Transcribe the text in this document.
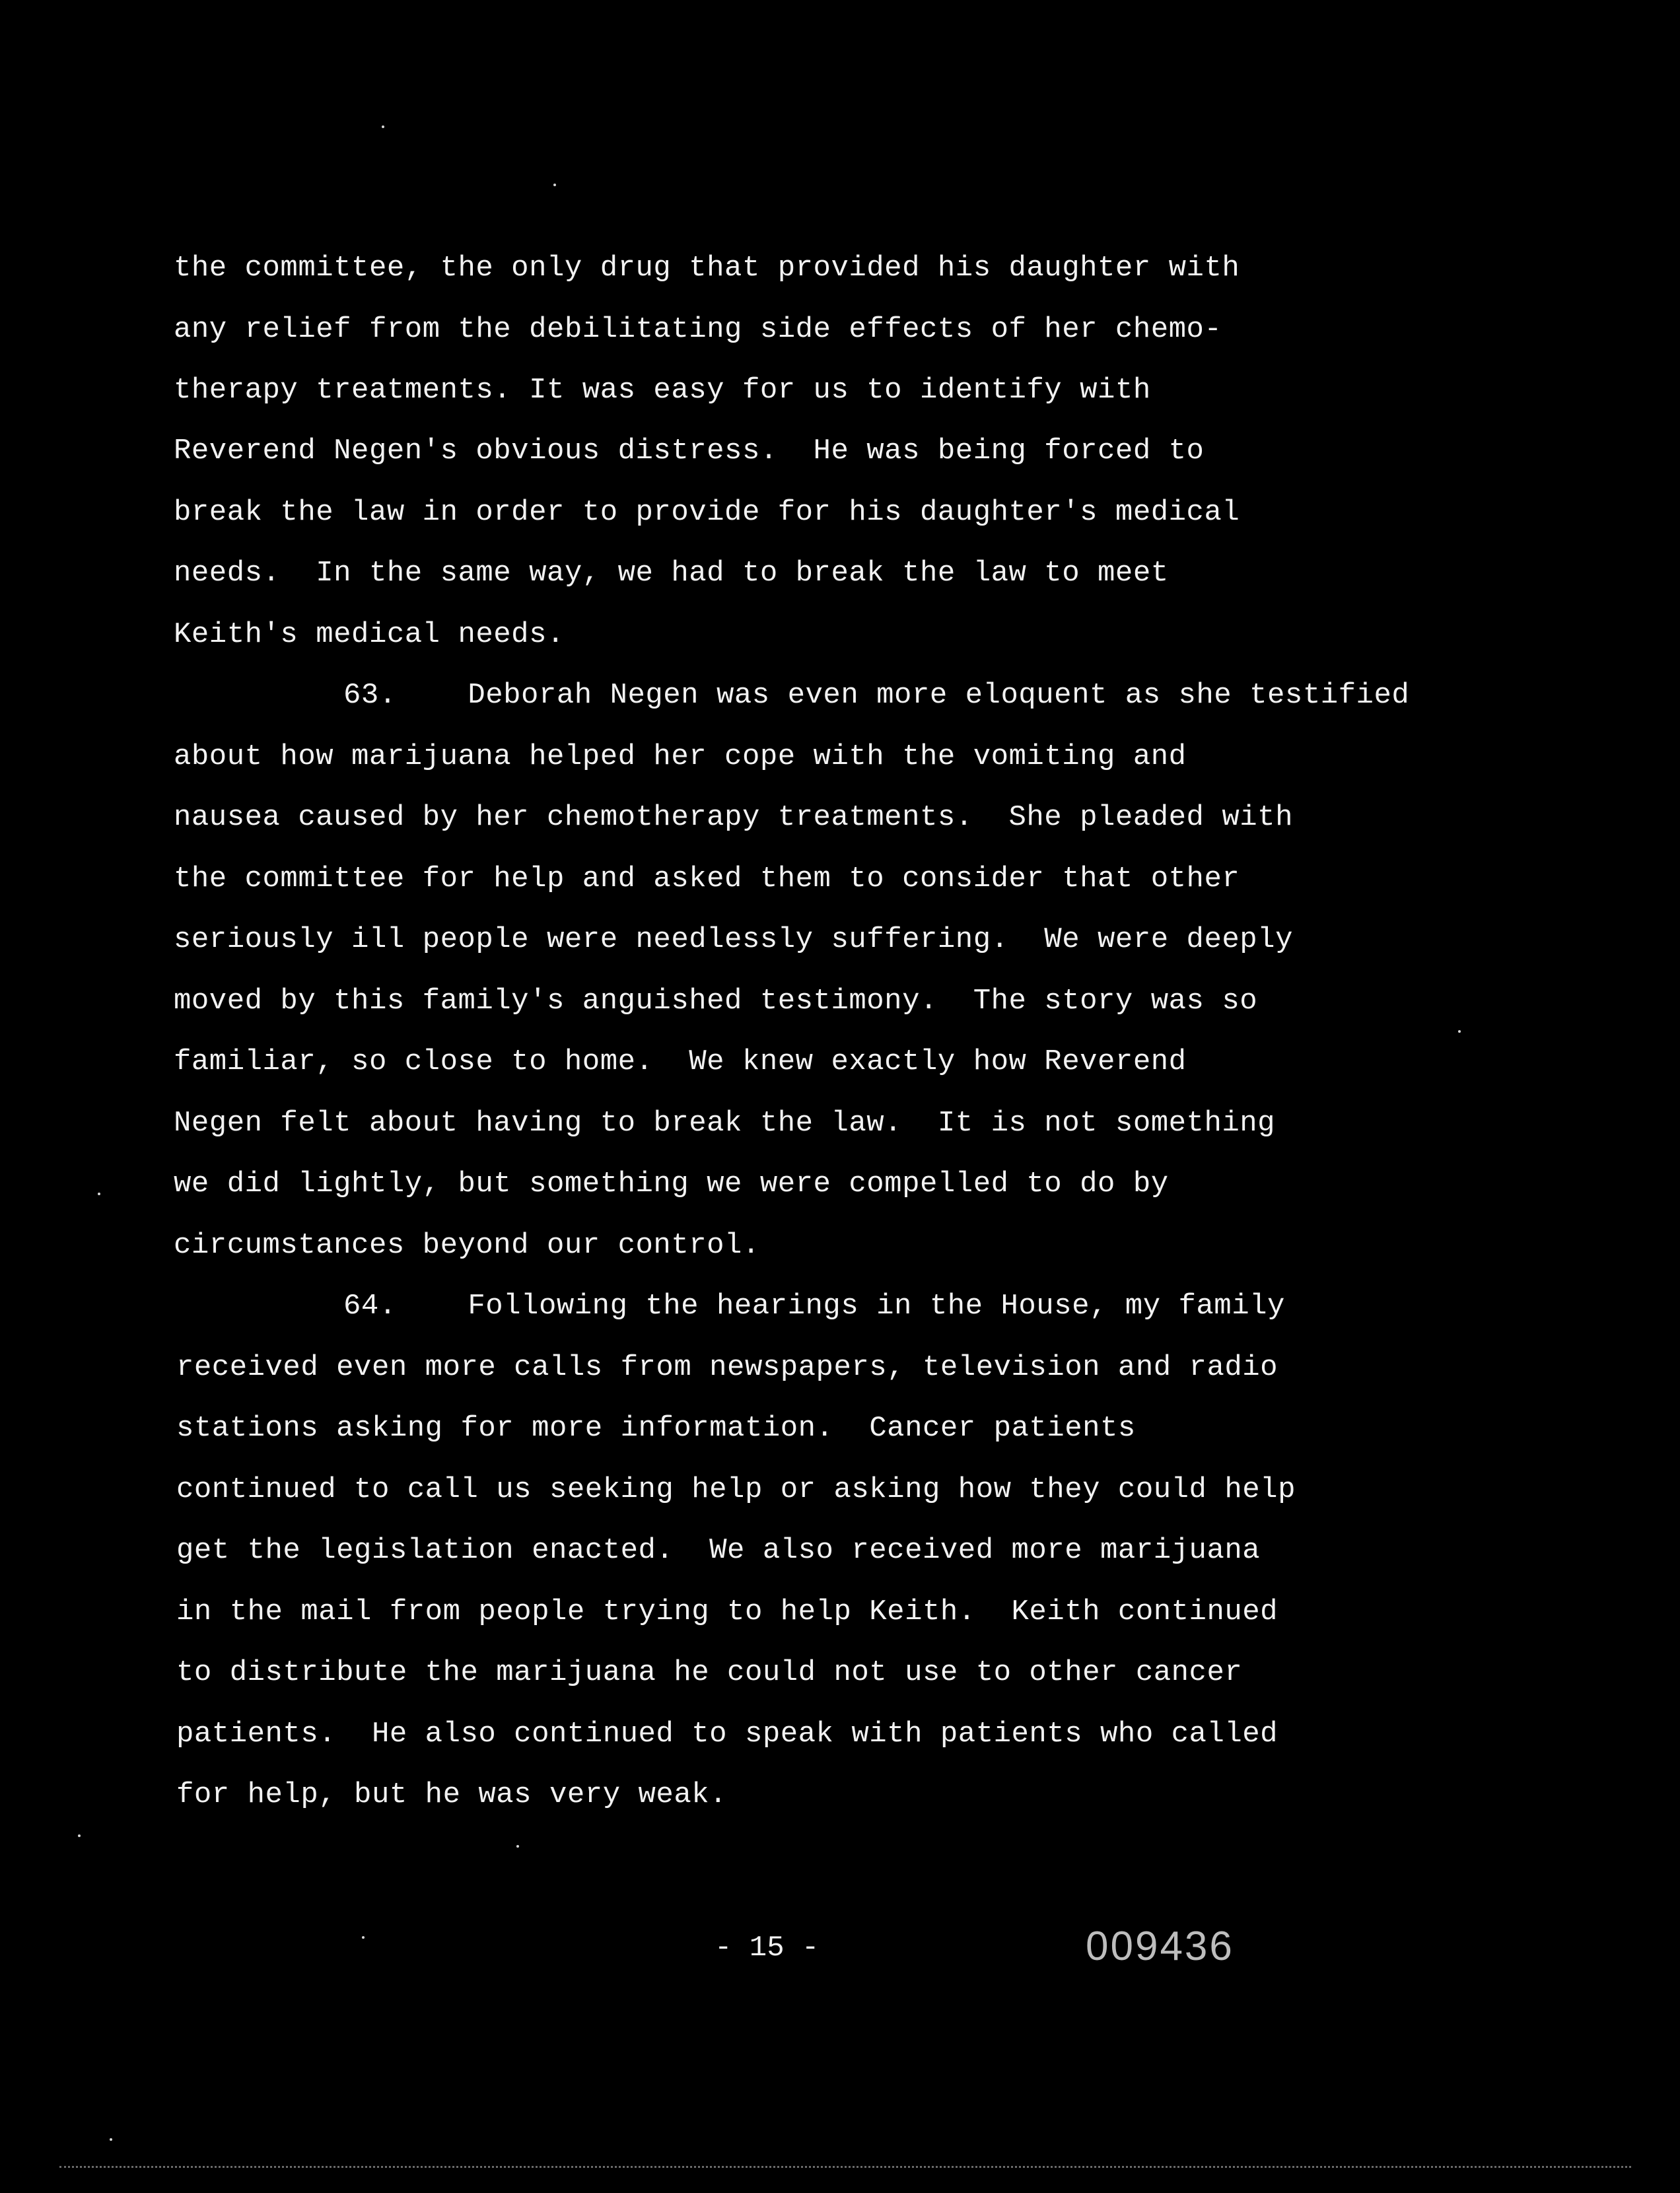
the committee, the only drug that provided his daughter with
any relief from the debilitating side effects of her chemo-
therapy treatments. It was easy for us to identify with
Reverend Negen's obvious distress.  He was being forced to
break the law in order to provide for his daughter's medical
needs.  In the same way, we had to break the law to meet
Keith's medical needs.
63.    Deborah Negen was even more eloquent as she testified
about how marijuana helped her cope with the vomiting and
nausea caused by her chemotherapy treatments.  She pleaded with
the committee for help and asked them to consider that other
seriously ill people were needlessly suffering.  We were deeply
moved by this family's anguished testimony.  The story was so
familiar, so close to home.  We knew exactly how Reverend
Negen felt about having to break the law.  It is not something
we did lightly, but something we were compelled to do by
circumstances beyond our control.
64.    Following the hearings in the House, my family
received even more calls from newspapers, television and radio
stations asking for more information.  Cancer patients
continued to call us seeking help or asking how they could help
get the legislation enacted.  We also received more marijuana
in the mail from people trying to help Keith.  Keith continued
to distribute the marijuana he could not use to other cancer
patients.  He also continued to speak with patients who called
for help, but he was very weak.
- 15 -	009436
